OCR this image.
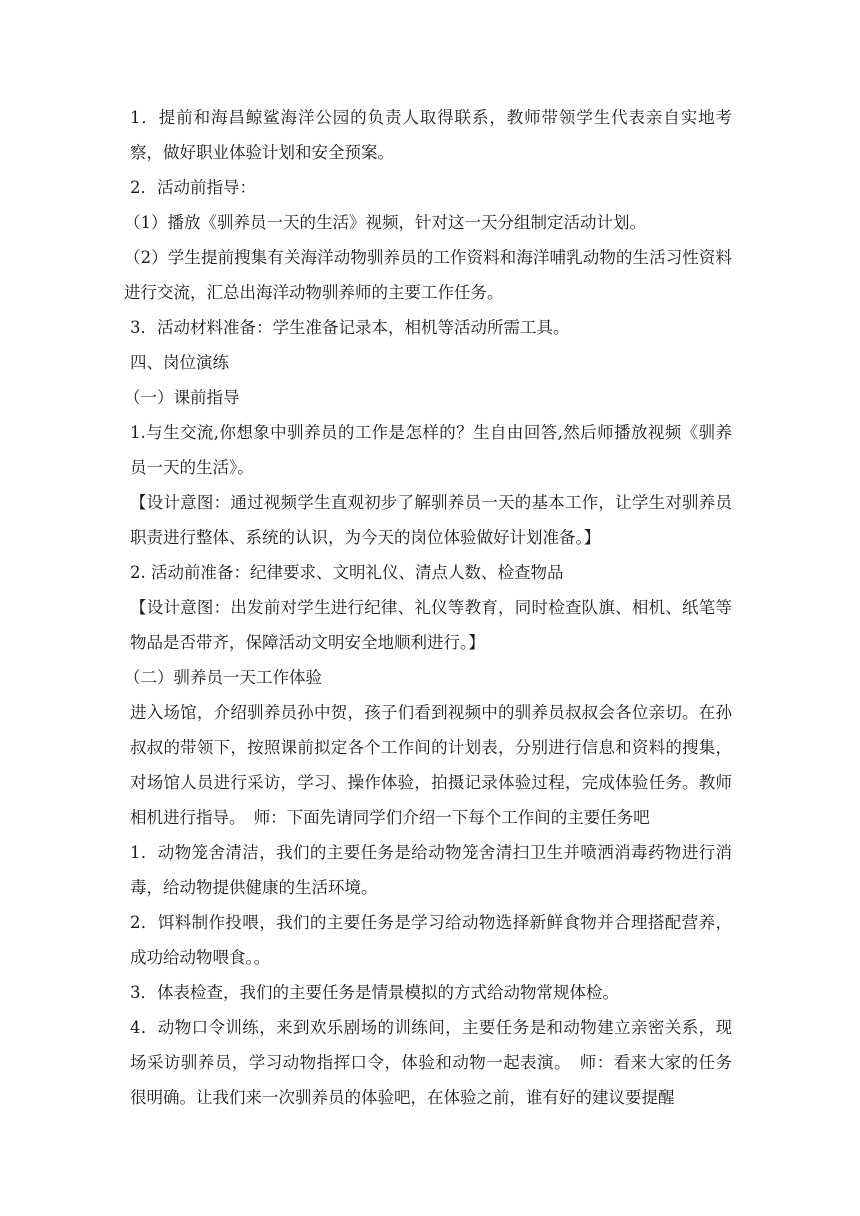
1．提前和海昌鲸鲨海洋公园的负责人取得联系，教师带领学生代表亲自实地考察，做好职业体验计划和安全预案。

2．活动前指导：

（1）播放《驯养员一天的生活》视频，针对这一天分组制定活动计划。

（2）学生提前搜集有关海洋动物驯养员的工作资料和海洋哺乳动物的生活习性资料进行交流，汇总出海洋动物驯养师的主要工作任务。

3．活动材料准备：学生准备记录本，相机等活动所需工具。

四、岗位演练

（一）课前指导

1.与生交流,你想象中驯养员的工作是怎样的？生自由回答,然后师播放视频《驯养员一天的生活》。

【设计意图：通过视频学生直观初步了解驯养员一天的基本工作，让学生对驯养员职责进行整体、系统的认识，为今天的岗位体验做好计划准备。】

2. 活动前准备：纪律要求、文明礼仪、清点人数、检查物品

【设计意图：出发前对学生进行纪律、礼仪等教育，同时检查队旗、相机、纸笔等物品是否带齐，保障活动文明安全地顺利进行。】

（二）驯养员一天工作体验

进入场馆，介绍驯养员孙中贺，孩子们看到视频中的驯养员叔叔会各位亲切。在孙叔叔的带领下，按照课前拟定各个工作间的计划表，分别进行信息和资料的搜集，对场馆人员进行采访，学习、操作体验，拍摄记录体验过程，完成体验任务。教师相机进行指导。　师：下面先请同学们介绍一下每个工作间的主要任务吧

1．动物笼舍清洁，我们的主要任务是给动物笼舍清扫卫生并喷洒消毒药物进行消毒，给动物提供健康的生活环境。

2．饵料制作投喂，我们的主要任务是学习给动物选择新鲜食物并合理搭配营养，成功给动物喂食。。

3．体表检查，我们的主要任务是情景模拟的方式给动物常规体检。

4．动物口令训练，来到欢乐剧场的训练间，主要任务是和动物建立亲密关系，现场采访驯养员，学习动物指挥口令，体验和动物一起表演。　师：看来大家的任务很明确。让我们来一次驯养员的体验吧，在体验之前，谁有好的建议要提醒
